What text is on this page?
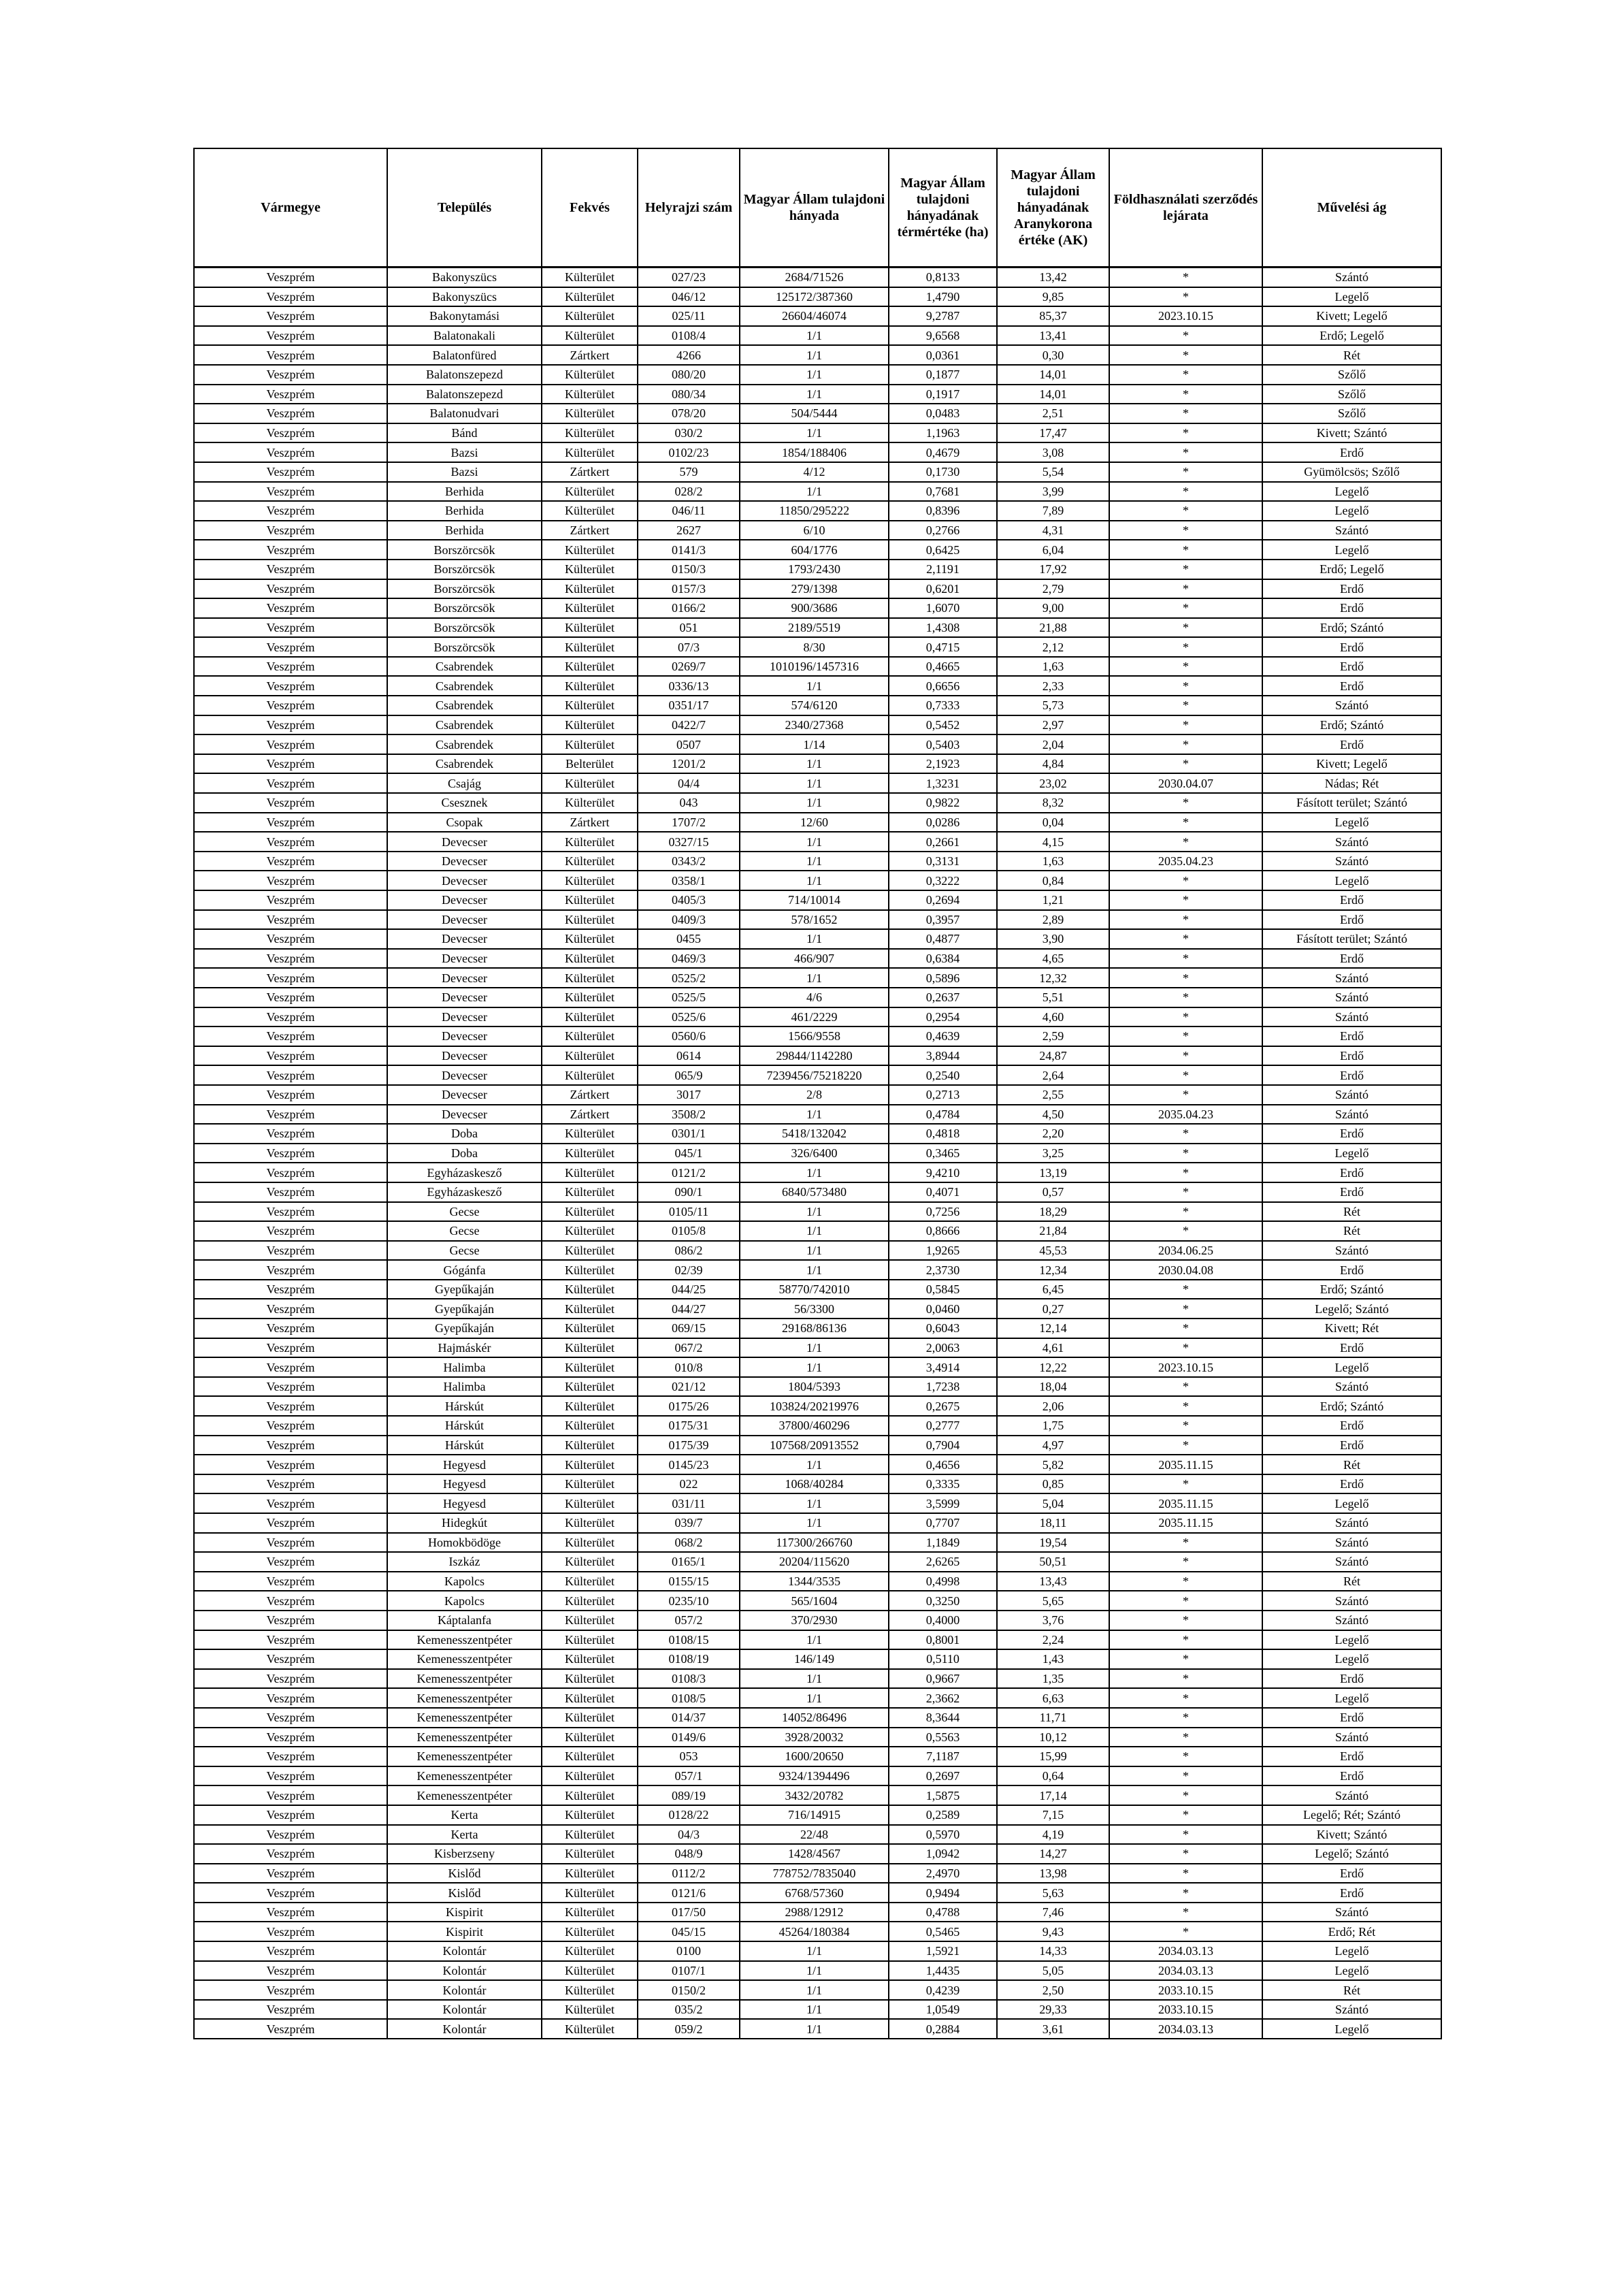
Vármegye	Település	Fekvés	Helyrajzi szám	Magyar Állam tulajdoni hányada	Magyar Állam tulajdoni hányadának térmértéke (ha)	Magyar Állam tulajdoni hányadának Aranykorona értéke (AK)	Földhasználati szerződés lejárata	Művelési ág
Veszprém	Bakonyszücs	Külterület	027/23	2684/71526	0,8133	13,42	*	Szántó
Veszprém	Bakonyszücs	Külterület	046/12	125172/387360	1,4790	9,85	*	Legelő
Veszprém	Bakonytamási	Külterület	025/11	26604/46074	9,2787	85,37	2023.10.15	Kivett; Legelő
Veszprém	Balatonakali	Külterület	0108/4	1/1	9,6568	13,41	*	Erdő; Legelő
Veszprém	Balatonfüred	Zártkert	4266	1/1	0,0361	0,30	*	Rét
Veszprém	Balatonszepezd	Külterület	080/20	1/1	0,1877	14,01	*	Szőlő
Veszprém	Balatonszepezd	Külterület	080/34	1/1	0,1917	14,01	*	Szőlő
Veszprém	Balatonudvari	Külterület	078/20	504/5444	0,0483	2,51	*	Szőlő
Veszprém	Bánd	Külterület	030/2	1/1	1,1963	17,47	*	Kivett; Szántó
Veszprém	Bazsi	Külterület	0102/23	1854/188406	0,4679	3,08	*	Erdő
Veszprém	Bazsi	Zártkert	579	4/12	0,1730	5,54	*	Gyümölcsös; Szőlő
Veszprém	Berhida	Külterület	028/2	1/1	0,7681	3,99	*	Legelő
Veszprém	Berhida	Külterület	046/11	11850/295222	0,8396	7,89	*	Legelő
Veszprém	Berhida	Zártkert	2627	6/10	0,2766	4,31	*	Szántó
Veszprém	Borszörcsök	Külterület	0141/3	604/1776	0,6425	6,04	*	Legelő
Veszprém	Borszörcsök	Külterület	0150/3	1793/2430	2,1191	17,92	*	Erdő; Legelő
Veszprém	Borszörcsök	Külterület	0157/3	279/1398	0,6201	2,79	*	Erdő
Veszprém	Borszörcsök	Külterület	0166/2	900/3686	1,6070	9,00	*	Erdő
Veszprém	Borszörcsök	Külterület	051	2189/5519	1,4308	21,88	*	Erdő; Szántó
Veszprém	Borszörcsök	Külterület	07/3	8/30	0,4715	2,12	*	Erdő
Veszprém	Csabrendek	Külterület	0269/7	1010196/1457316	0,4665	1,63	*	Erdő
Veszprém	Csabrendek	Külterület	0336/13	1/1	0,6656	2,33	*	Erdő
Veszprém	Csabrendek	Külterület	0351/17	574/6120	0,7333	5,73	*	Szántó
Veszprém	Csabrendek	Külterület	0422/7	2340/27368	0,5452	2,97	*	Erdő; Szántó
Veszprém	Csabrendek	Külterület	0507	1/14	0,5403	2,04	*	Erdő
Veszprém	Csabrendek	Belterület	1201/2	1/1	2,1923	4,84	*	Kivett; Legelő
Veszprém	Csajág	Külterület	04/4	1/1	1,3231	23,02	2030.04.07	Nádas; Rét
Veszprém	Csesznek	Külterület	043	1/1	0,9822	8,32	*	Fásított terület; Szántó
Veszprém	Csopak	Zártkert	1707/2	12/60	0,0286	0,04	*	Legelő
Veszprém	Devecser	Külterület	0327/15	1/1	0,2661	4,15	*	Szántó
Veszprém	Devecser	Külterület	0343/2	1/1	0,3131	1,63	2035.04.23	Szántó
Veszprém	Devecser	Külterület	0358/1	1/1	0,3222	0,84	*	Legelő
Veszprém	Devecser	Külterület	0405/3	714/10014	0,2694	1,21	*	Erdő
Veszprém	Devecser	Külterület	0409/3	578/1652	0,3957	2,89	*	Erdő
Veszprém	Devecser	Külterület	0455	1/1	0,4877	3,90	*	Fásított terület; Szántó
Veszprém	Devecser	Külterület	0469/3	466/907	0,6384	4,65	*	Erdő
Veszprém	Devecser	Külterület	0525/2	1/1	0,5896	12,32	*	Szántó
Veszprém	Devecser	Külterület	0525/5	4/6	0,2637	5,51	*	Szántó
Veszprém	Devecser	Külterület	0525/6	461/2229	0,2954	4,60	*	Szántó
Veszprém	Devecser	Külterület	0560/6	1566/9558	0,4639	2,59	*	Erdő
Veszprém	Devecser	Külterület	0614	29844/1142280	3,8944	24,87	*	Erdő
Veszprém	Devecser	Külterület	065/9	7239456/75218220	0,2540	2,64	*	Erdő
Veszprém	Devecser	Zártkert	3017	2/8	0,2713	2,55	*	Szántó
Veszprém	Devecser	Zártkert	3508/2	1/1	0,4784	4,50	2035.04.23	Szántó
Veszprém	Doba	Külterület	0301/1	5418/132042	0,4818	2,20	*	Erdő
Veszprém	Doba	Külterület	045/1	326/6400	0,3465	3,25	*	Legelő
Veszprém	Egyházaskesző	Külterület	0121/2	1/1	9,4210	13,19	*	Erdő
Veszprém	Egyházaskesző	Külterület	090/1	6840/573480	0,4071	0,57	*	Erdő
Veszprém	Gecse	Külterület	0105/11	1/1	0,7256	18,29	*	Rét
Veszprém	Gecse	Külterület	0105/8	1/1	0,8666	21,84	*	Rét
Veszprém	Gecse	Külterület	086/2	1/1	1,9265	45,53	2034.06.25	Szántó
Veszprém	Gógánfa	Külterület	02/39	1/1	2,3730	12,34	2030.04.08	Erdő
Veszprém	Gyepűkaján	Külterület	044/25	58770/742010	0,5845	6,45	*	Erdő; Szántó
Veszprém	Gyepűkaján	Külterület	044/27	56/3300	0,0460	0,27	*	Legelő; Szántó
Veszprém	Gyepűkaján	Külterület	069/15	29168/86136	0,6043	12,14	*	Kivett; Rét
Veszprém	Hajmáskér	Külterület	067/2	1/1	2,0063	4,61	*	Erdő
Veszprém	Halimba	Külterület	010/8	1/1	3,4914	12,22	2023.10.15	Legelő
Veszprém	Halimba	Külterület	021/12	1804/5393	1,7238	18,04	*	Szántó
Veszprém	Hárskút	Külterület	0175/26	103824/20219976	0,2675	2,06	*	Erdő; Szántó
Veszprém	Hárskút	Külterület	0175/31	37800/460296	0,2777	1,75	*	Erdő
Veszprém	Hárskút	Külterület	0175/39	107568/20913552	0,7904	4,97	*	Erdő
Veszprém	Hegyesd	Külterület	0145/23	1/1	0,4656	5,82	2035.11.15	Rét
Veszprém	Hegyesd	Külterület	022	1068/40284	0,3335	0,85	*	Erdő
Veszprém	Hegyesd	Külterület	031/11	1/1	3,5999	5,04	2035.11.15	Legelő
Veszprém	Hidegkút	Külterület	039/7	1/1	0,7707	18,11	2035.11.15	Szántó
Veszprém	Homokbödöge	Külterület	068/2	117300/266760	1,1849	19,54	*	Szántó
Veszprém	Iszkáz	Külterület	0165/1	20204/115620	2,6265	50,51	*	Szántó
Veszprém	Kapolcs	Külterület	0155/15	1344/3535	0,4998	13,43	*	Rét
Veszprém	Kapolcs	Külterület	0235/10	565/1604	0,3250	5,65	*	Szántó
Veszprém	Káptalanfa	Külterület	057/2	370/2930	0,4000	3,76	*	Szántó
Veszprém	Kemenesszentpéter	Külterület	0108/15	1/1	0,8001	2,24	*	Legelő
Veszprém	Kemenesszentpéter	Külterület	0108/19	146/149	0,5110	1,43	*	Legelő
Veszprém	Kemenesszentpéter	Külterület	0108/3	1/1	0,9667	1,35	*	Erdő
Veszprém	Kemenesszentpéter	Külterület	0108/5	1/1	2,3662	6,63	*	Legelő
Veszprém	Kemenesszentpéter	Külterület	014/37	14052/86496	8,3644	11,71	*	Erdő
Veszprém	Kemenesszentpéter	Külterület	0149/6	3928/20032	0,5563	10,12	*	Szántó
Veszprém	Kemenesszentpéter	Külterület	053	1600/20650	7,1187	15,99	*	Erdő
Veszprém	Kemenesszentpéter	Külterület	057/1	9324/1394496	0,2697	0,64	*	Erdő
Veszprém	Kemenesszentpéter	Külterület	089/19	3432/20782	1,5875	17,14	*	Szántó
Veszprém	Kerta	Külterület	0128/22	716/14915	0,2589	7,15	*	Legelő; Rét; Szántó
Veszprém	Kerta	Külterület	04/3	22/48	0,5970	4,19	*	Kivett; Szántó
Veszprém	Kisberzseny	Külterület	048/9	1428/4567	1,0942	14,27	*	Legelő; Szántó
Veszprém	Kislőd	Külterület	0112/2	778752/7835040	2,4970	13,98	*	Erdő
Veszprém	Kislőd	Külterület	0121/6	6768/57360	0,9494	5,63	*	Erdő
Veszprém	Kispirit	Külterület	017/50	2988/12912	0,4788	7,46	*	Szántó
Veszprém	Kispirit	Külterület	045/15	45264/180384	0,5465	9,43	*	Erdő; Rét
Veszprém	Kolontár	Külterület	0100	1/1	1,5921	14,33	2034.03.13	Legelő
Veszprém	Kolontár	Külterület	0107/1	1/1	1,4435	5,05	2034.03.13	Legelő
Veszprém	Kolontár	Külterület	0150/2	1/1	0,4239	2,50	2033.10.15	Rét
Veszprém	Kolontár	Külterület	035/2	1/1	1,0549	29,33	2033.10.15	Szántó
Veszprém	Kolontár	Külterület	059/2	1/1	0,2884	3,61	2034.03.13	Legelő
